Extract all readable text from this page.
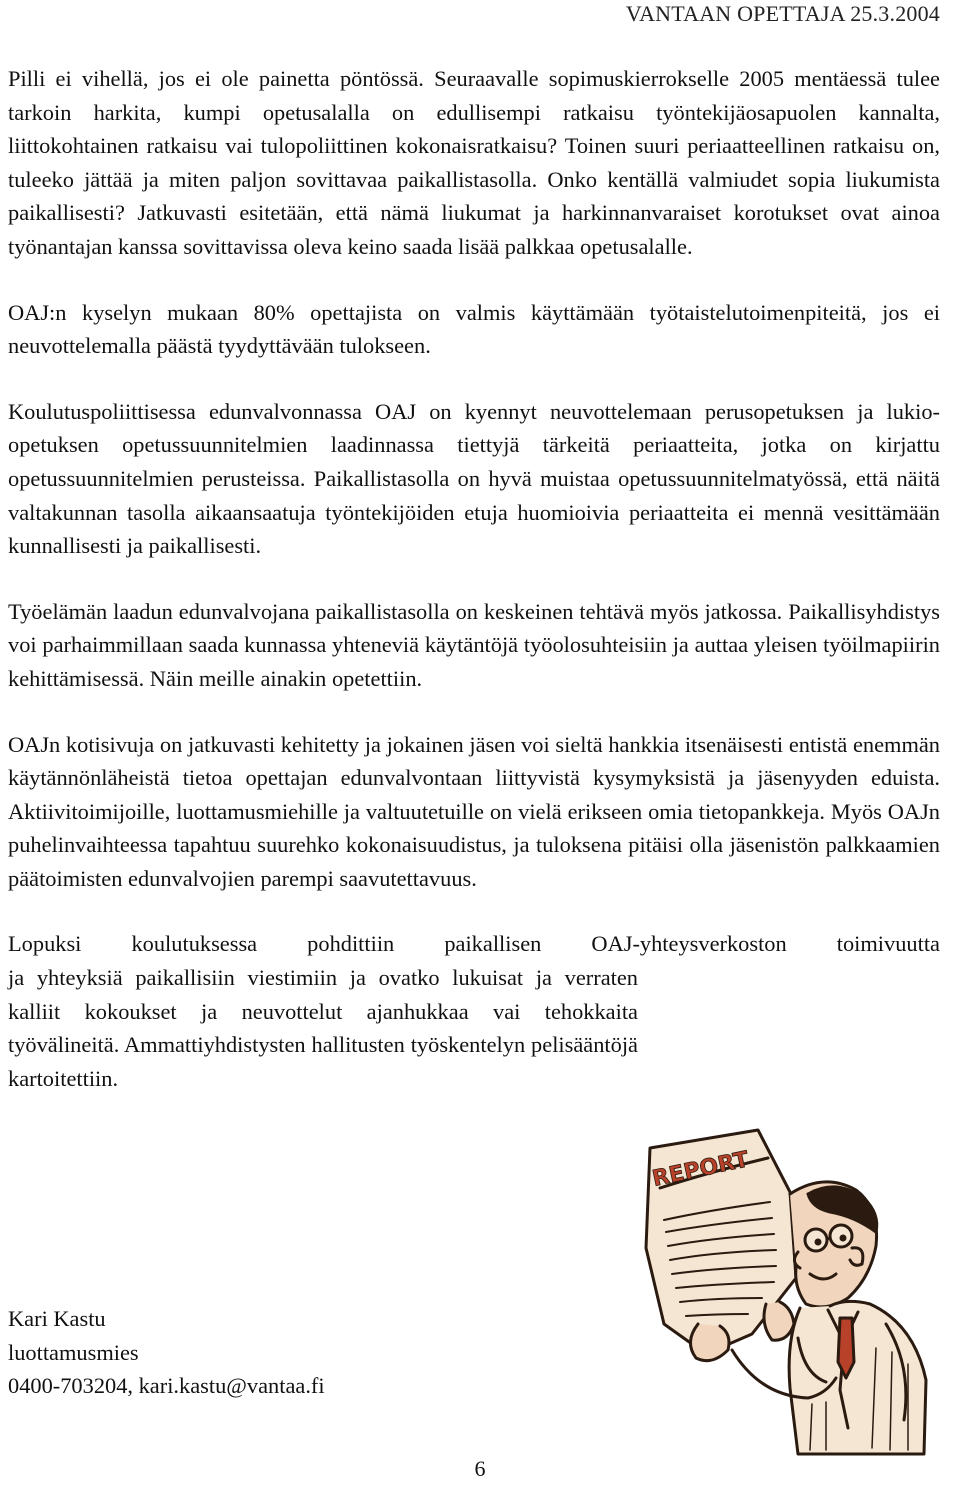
VANTAAN OPETTAJA 25.3.2004

Pilli ei vihellä, jos ei ole painetta pöntössä. Seuraavalle sopimuskierrokselle 2005 mentäessä tulee tarkoin harkita, kumpi opetusalalla on edullisempi ratkaisu työntekijäosapuolen kannalta, liittokohtainen ratkaisu vai tulopoliittinen kokonaisratkaisu? Toinen suuri periaatteellinen ratkaisu on, tuleeko jättää ja miten paljon sovittavaa paikallistasolla. Onko kentällä valmiudet sopia liukumista paikallisesti? Jatkuvasti esitetään, että nämä liukumat ja harkinnanvaraiset korotukset ovat ainoa työnantajan kanssa sovittavissa oleva keino saada lisää palkkaa opetusalalle.

OAJ:n kyselyn mukaan 80% opettajista on valmis käyttämään työtaistelutoimenpiteitä, jos ei neuvottelemalla päästä tyydyttävään tulokseen.

Koulutuspoliittisessa edunvalvonnassa OAJ on kyennyt neuvottelemaan perusopetuksen ja lukio-opetuksen opetussuunnitelmien laadinnassa tiettyjä tärkeitä periaatteita, jotka on kirjattu opetussuunnitelmien perusteissa. Paikallistasolla on hyvä muistaa opetussuunnitelmatyössä, että näitä valtakunnan tasolla aikaansaatuja työntekijöiden etuja huomioivia periaatteita ei mennä vesittämään kunnallisesti ja paikallisesti.

Työelämän laadun edunvalvojana paikallistasolla on keskeinen tehtävä myös jatkossa. Paikallisyhdistys voi parhaimmillaan saada kunnassa yhteneviä käytäntöjä työolosuhteisiin ja auttaa yleisen työilmapiirin kehittämisessä. Näin meille ainakin opetettiin.

OAJn kotisivuja on jatkuvasti kehitetty ja jokainen jäsen voi sieltä hankkia itsenäisesti entistä enemmän käytännönläheistä tietoa opettajan edunvalvontaan liittyvistä kysymyksistä ja jäsenyyden eduista. Aktiivitoimijoille, luottamusmiehille ja valtuutetuille on vielä erikseen omia tietopankkeja. Myös OAJn puhelinvaihteessa tapahtuu suurehko kokonaisuudistus, ja tuloksena pitäisi olla jäsenistön palkkaamien päätoimisten edunvalvojien parempi saavutettavuus.

Lopuksi koulutuksessa pohdittiin paikallisen OAJ-yhteysverkoston toimivuutta

ja yhteyksiä paikallisiin viestimiin ja ovatko lukuisat ja verraten kalliit kokoukset ja neuvottelut ajanhukkaa vai tehokkaita työvälineitä. Ammattiyhdistysten hallitusten työskentelyn pelisääntöjä kartoitettiin.

Kari Kastu
luottamusmies
0400-703204, kari.kastu@vantaa.fi
REPORT
6
